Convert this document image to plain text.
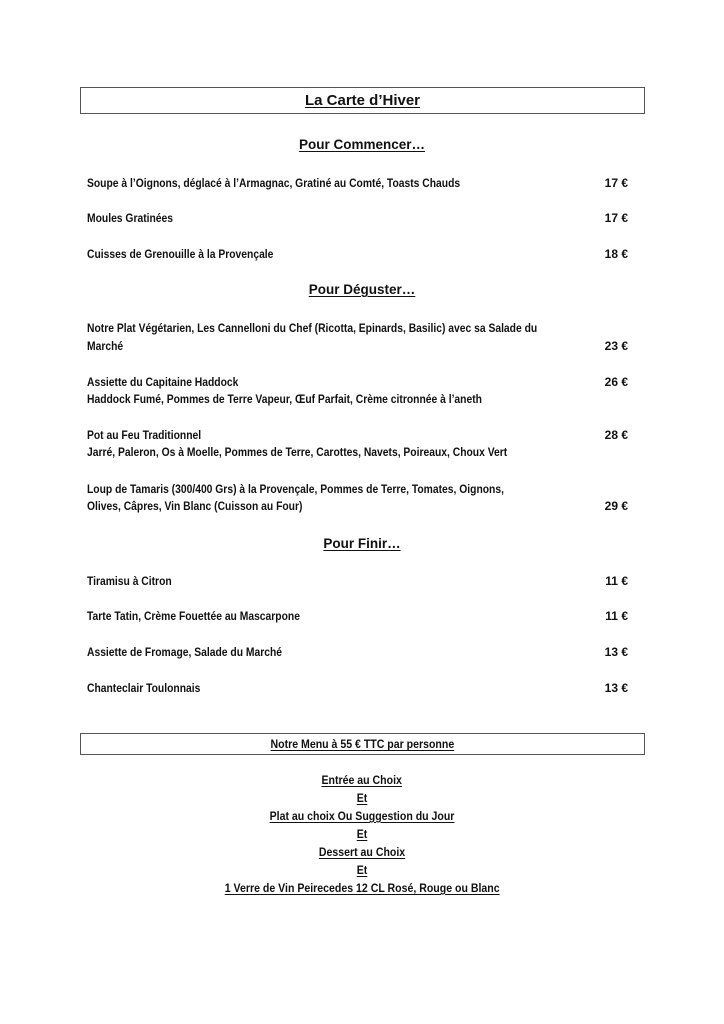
La Carte d’Hiver
Pour Commencer…
Soupe à l’Oignons, déglacé à l’Armagnac, Gratiné au Comté, Toasts Chauds	17 €
Moules Gratinées	17 €
Cuisses de Grenouille à la Provençale	18 €
Pour Déguster…
Notre Plat Végétarien, Les Cannelloni du Chef (Ricotta, Epinards, Basilic) avec sa Salade du
Marché	23 €
Assiette du Capitaine Haddock	26 €
Haddock Fumé, Pommes de Terre Vapeur, Œuf Parfait, Crème citronnée à l’aneth
Pot au Feu Traditionnel	28 €
Jarré, Paleron, Os à Moelle, Pommes de Terre, Carottes, Navets, Poireaux, Choux Vert
Loup de Tamaris (300/400 Grs) à la Provençale, Pommes de Terre, Tomates, Oignons,
Olives, Câpres, Vin Blanc (Cuisson au Four)	29 €
Pour Finir…
Tiramisu à Citron	11 €
Tarte Tatin, Crème Fouettée au Mascarpone	11 €
Assiette de Fromage, Salade du Marché	13 €
Chanteclair Toulonnais	13 €
Notre Menu à 55 € TTC par personne
Entrée au Choix
Et
Plat au choix Ou Suggestion du Jour
Et
Dessert au Choix
Et
1 Verre de Vin Peirecedes 12 CL Rosé, Rouge ou Blanc
